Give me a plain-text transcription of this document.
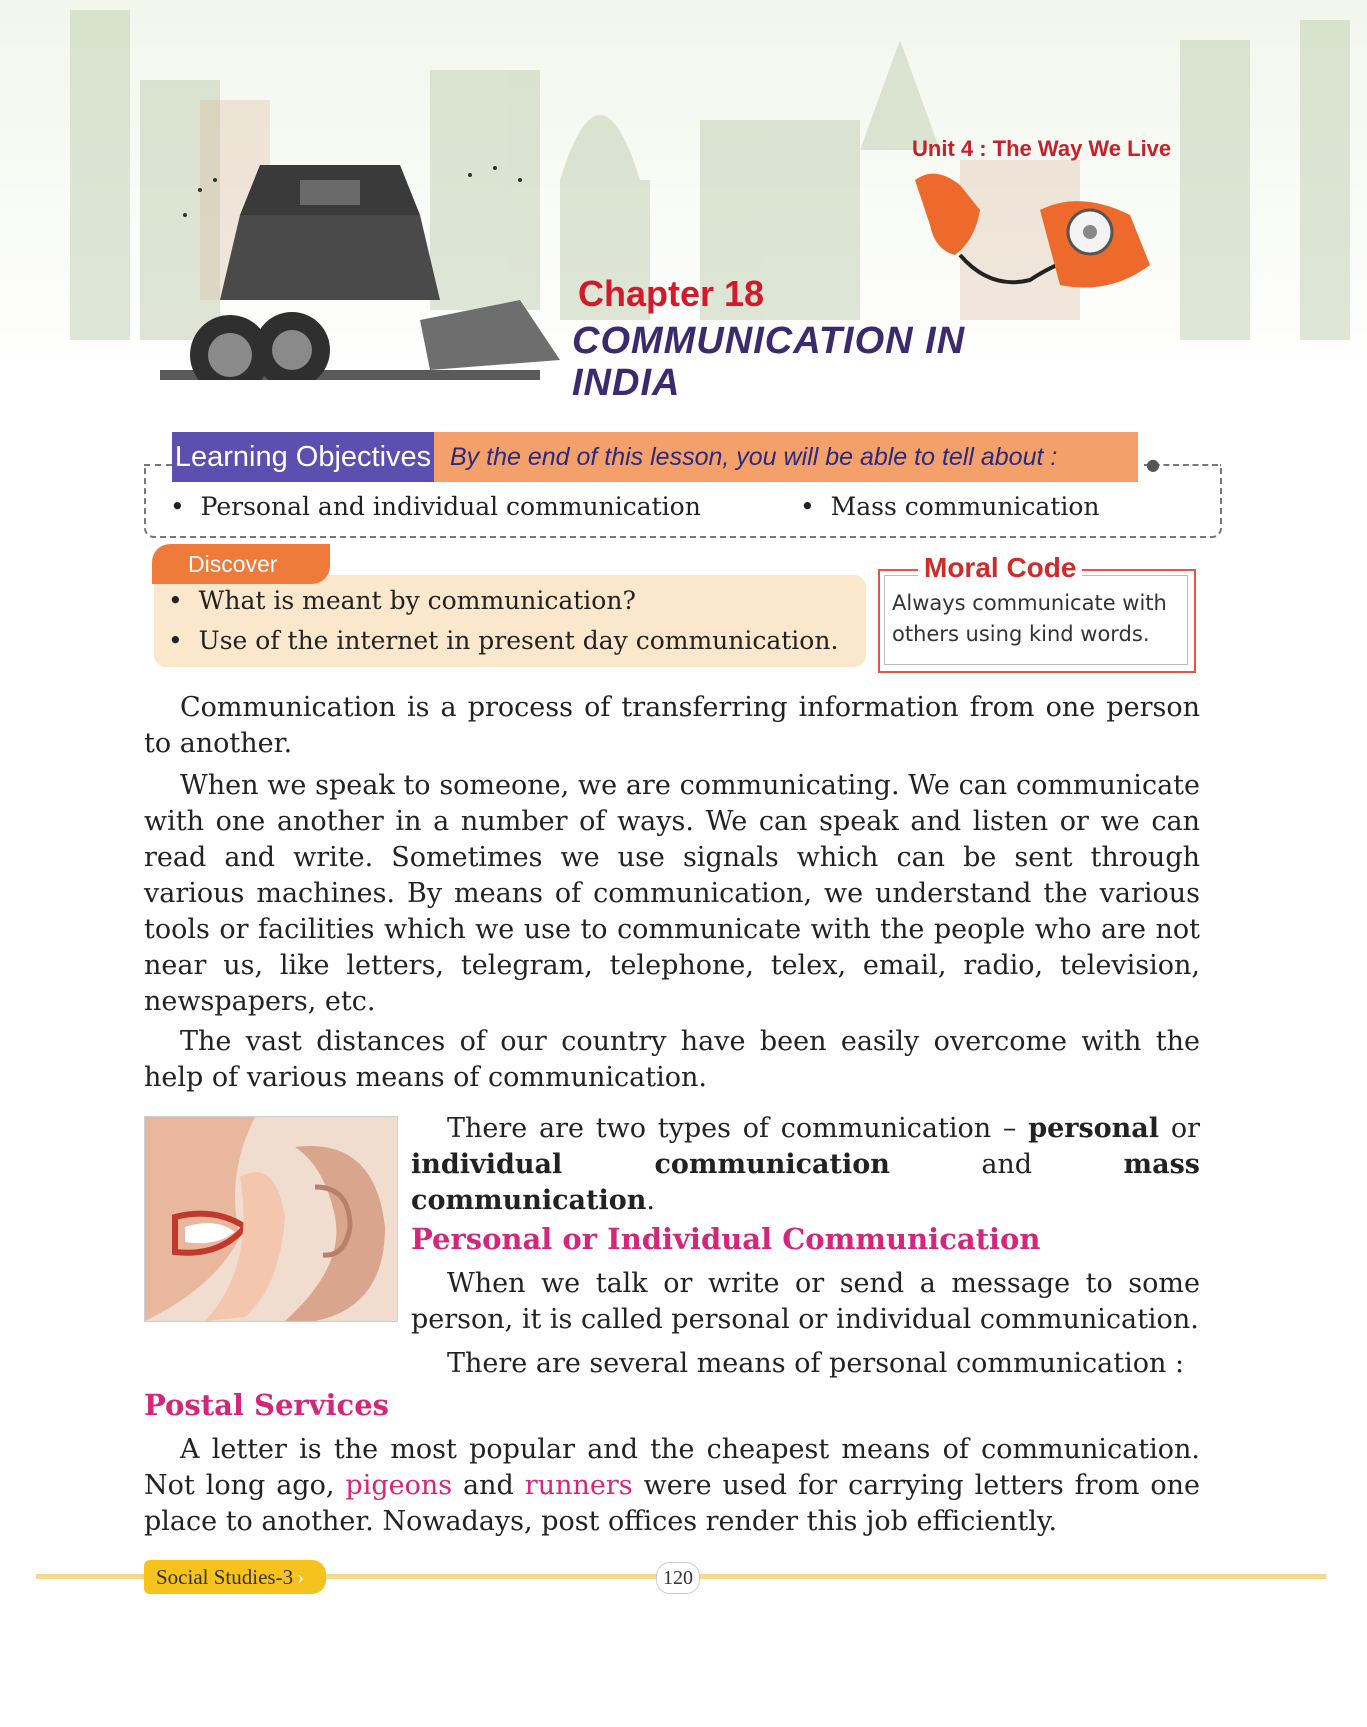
Unit 4 : The Way We Live
Chapter 18
COMMUNICATION IN
INDIA
Learning Objectives By the end of this lesson, you will be able to tell about :	●
•  Personal and individual communication	•  Mass communication
Discover
•  What is meant by communication?
•  Use of the internet in present day communication.
Moral Code
Always communicate with others using kind words.

Communication is a process of transferring information from one person to another.

When we speak to someone, we are communicating. We can communicate with one another in a number of ways. We can speak and listen or we can read and write. Sometimes we use signals which can be sent through various machines. By means of communication, we understand the various tools or facilities which we use to communicate with the people who are not near us, like letters, telegram, telephone, telex, email, radio, television, newspapers, etc.

The vast distances of our country have been easily overcome with the help of various means of communication.

There are two types of communication – personal or individual communication and mass communication.

Personal or Individual Communication

When we talk or write or send a message to some person, it is called personal or individual communication.

There are several means of personal communication :

Postal Services

A letter is the most popular and the cheapest means of communication. Not long ago, pigeons and runners were used for carrying letters from one place to another. Nowadays, post offices render this job efficiently.

Social Studies-3 ›	120
